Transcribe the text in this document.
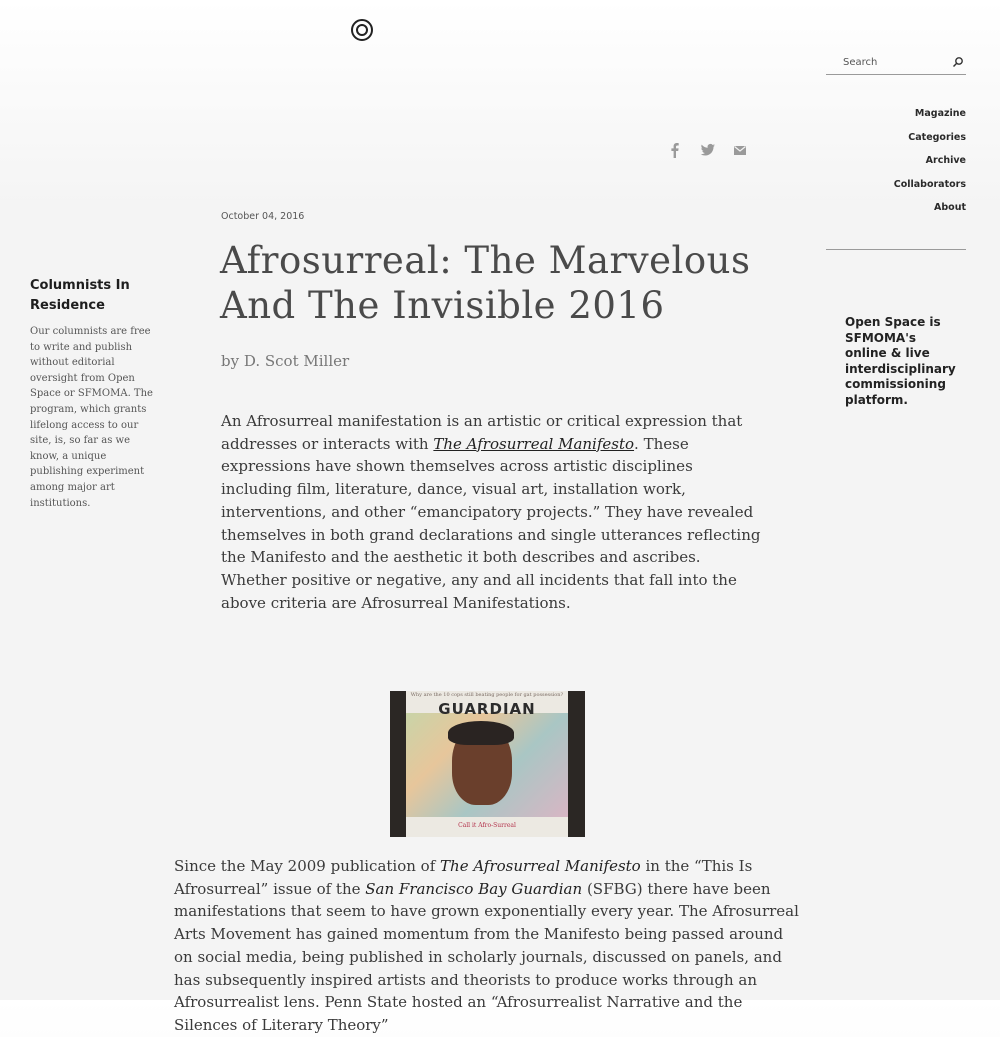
Search
Magazine
Categories
Archive
Collaborators
About
Open Space is SFMOMA's online & live interdisciplinary commissioning platform.
Columnists In Residence
Our columnists are free to write and publish without editorial oversight from Open Space or SFMOMA. The program, which grants lifelong access to our site, is, so far as we know, a unique publishing experiment among major art institutions.
October 04, 2016
Afrosurreal: The Marvelous And The Invisible 2016
by D. Scot Miller

An Afrosurreal manifestation is an artistic or critical expression that addresses or interacts with The Afrosurreal Manifesto. These expressions have shown themselves across artistic disciplines including film, literature, dance, visual art, installation work, interventions, and other “emancipatory projects.” They have revealed themselves in both grand declarations and single utterances reflecting the Manifesto and the aesthetic it both describes and ascribes. Whether positive or negative, any and all incidents that fall into the above criteria are Afrosurreal Manifestations.

Why are the 10 cops still beating people for gat possession?
GUARDIAN
Call it Afro-Surreal

Since the May 2009 publication of The Afrosurreal Manifesto in the “This Is Afrosurreal” issue of the San Francisco Bay Guardian (SFBG) there have been manifestations that seem to have grown exponentially every year. The Afrosurreal Arts Movement has gained momentum from the Manifesto being passed around on social media, being published in scholarly journals, discussed on panels, and has subsequently inspired artists and theorists to produce works through an Afrosurrealist lens. Penn State hosted an “Afrosurrealist Narrative and the Silences of Literary Theory”
